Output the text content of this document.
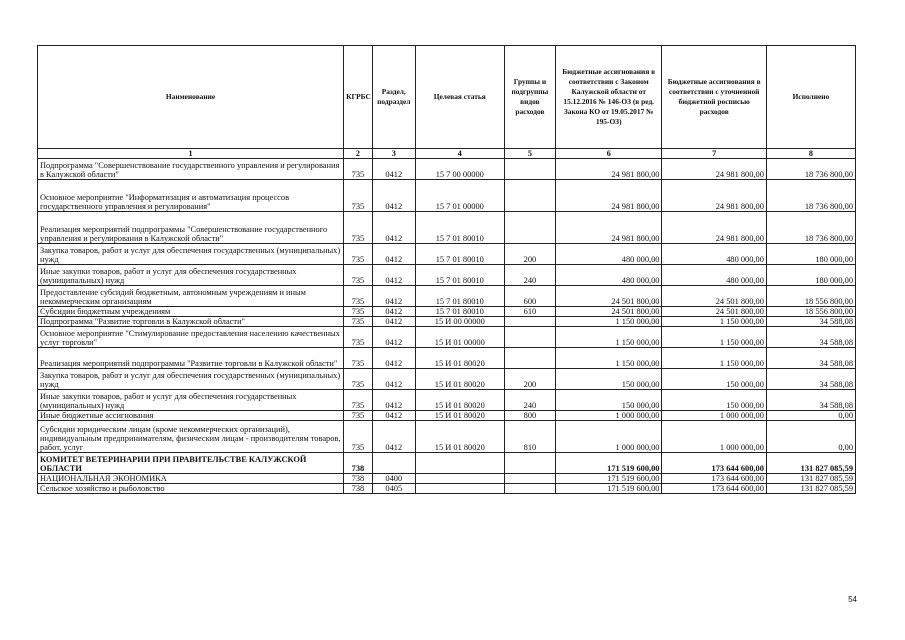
Наименование	КГРБС	Раздел, подраздел	Целевая статья	Группы и подгруппы видов расходов	Бюджетные ассигнования в соответствии с Законом Калужской области от 15.12.2016 № 146-ОЗ (в ред. Закона КО от 19.05.2017 № 195-ОЗ)	Бюджетные ассигнования в соответствии с уточненной бюджетной росписью расходов	Исполнено
1	2	3	4	5	6	7	8
Подпрограмма "Совершенствование государственного управления и регулирования в Калужской области"	735	0412	15 7 00 00000		24 981 800,00	24 981 800,00	18 736 800,00
Основное мероприятие "Информатизация и автоматизация процессов государственного управления и регулирования"	735	0412	15 7 01 00000		24 981 800,00	24 981 800,00	18 736 800,00
Реализация мероприятий подпрограммы "Совершенствование государственного управления и регулирования в Калужской области"	735	0412	15 7 01 80010		24 981 800,00	24 981 800,00	18 736 800,00
Закупка товаров, работ и услуг для обеспечения государственных (муниципальных) нужд	735	0412	15 7 01 80010	200	480 000,00	480 000,00	180 000,00
Иные закупки товаров, работ и услуг для обеспечения государственных (муниципальных) нужд	735	0412	15 7 01 80010	240	480 000,00	480 000,00	180 000,00
Предоставление субсидий бюджетным, автономным учреждениям и иным некоммерческим организациям	735	0412	15 7 01 80010	600	24 501 800,00	24 501 800,00	18 556 800,00
Субсидии бюджетным учреждениям	735	0412	15 7 01 80010	610	24 501 800,00	24 501 800,00	18 556 800,00
Подпрограмма "Развитие торговли в Калужской области"	735	0412	15 И 00 00000		1 150 000,00	1 150 000,00	34 588,08
Основное мероприятие "Стимулирование предоставления населению качественных услуг торговли"	735	0412	15 И 01 00000		1 150 000,00	1 150 000,00	34 588,08
Реализация мероприятий подпрограммы "Развитие торговли в Калужской области"	735	0412	15 И 01 80020		1 150 000,00	1 150 000,00	34 588,08
Закупка товаров, работ и услуг для обеспечения государственных (муниципальных) нужд	735	0412	15 И 01 80020	200	150 000,00	150 000,00	34 588,08
Иные закупки товаров, работ и услуг для обеспечения государственных (муниципальных) нужд	735	0412	15 И 01 80020	240	150 000,00	150 000,00	34 588,08
Иные бюджетные ассигнования	735	0412	15 И 01 80020	800	1 000 000,00	1 000 000,00	0,00
Субсидии юридическим лицам (кроме некоммерческих организаций), индивидуальным предпринимателям, физическим лицам - производителям товаров, работ, услуг	735	0412	15 И 01 80020	810	1 000 000,00	1 000 000,00	0,00
КОМИТЕТ ВЕТЕРИНАРИИ ПРИ ПРАВИТЕЛЬСТВЕ КАЛУЖСКОЙ ОБЛАСТИ	738				171 519 600,00	173 644 600,00	131 827 085,59
НАЦИОНАЛЬНАЯ ЭКОНОМИКА	738	0400			171 519 600,00	173 644 600,00	131 827 085,59
Сельское хозяйство и рыболовство	738	0405			171 519 600,00	173 644 600,00	131 827 085,59
54
